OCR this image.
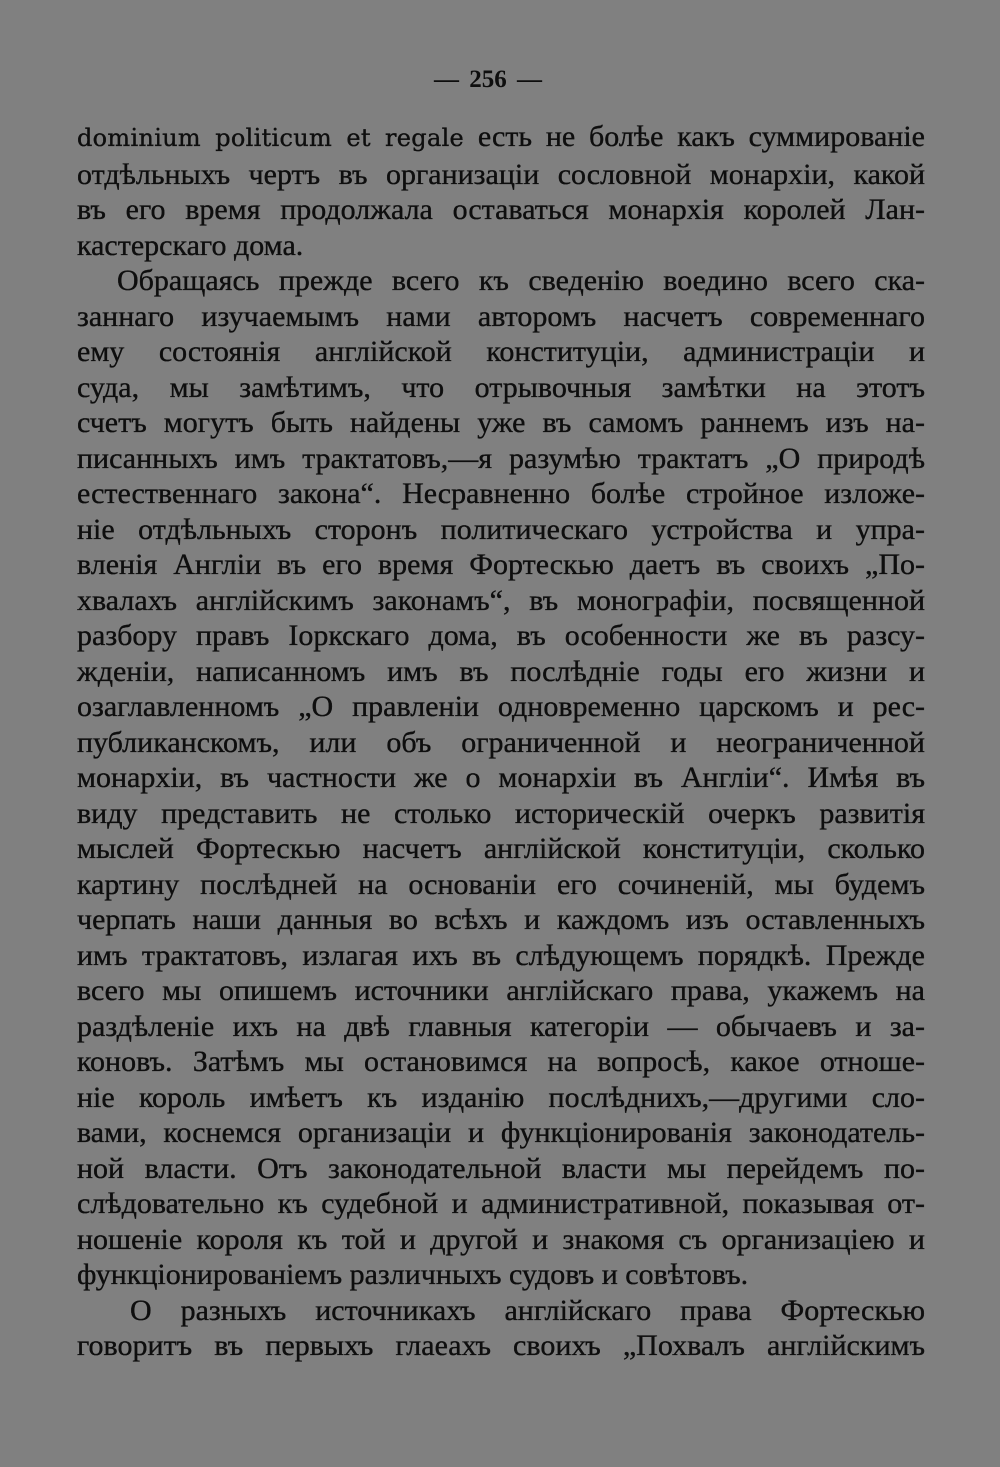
— 256 —
dominium politicum et regale есть не болѣе какъ суммированіе
отдѣльныхъ чертъ въ организаціи сословной монархіи, какой
въ его время продолжала оставаться монархія королей Лан-
кастерскаго дома.
Обращаясь прежде всего къ сведенію воедино всего ска-
заннаго изучаемымъ нами авторомъ насчетъ современнаго
ему состоянія англійской конституціи, администраціи и
суда, мы замѣтимъ, что отрывочныя замѣтки на этотъ
счетъ могутъ быть найдены уже въ самомъ раннемъ изъ на-
писанныхъ имъ трактатовъ,—я разумѣю трактатъ „О природѣ
естественнаго закона“. Несравненно болѣе стройное изложе-
ніе отдѣльныхъ сторонъ политическаго устройства и упра-
вленія Англіи въ его время Фортескью даетъ въ своихъ „По-
хвалахъ англійскимъ законамъ“, въ монографіи, посвященной
разбору правъ Іоркскаго дома, въ особенности же въ разсу-
жденіи, написанномъ имъ въ послѣдніе годы его жизни и
озаглавленномъ „О правленіи одновременно царскомъ и рес-
публиканскомъ, или объ ограниченной и неограниченной
монархіи, въ частности же о монархіи въ Англіи“. Имѣя въ
виду представить не столько историческій очеркъ развитія
мыслей Фортескью насчетъ англійской конституціи, сколько
картину послѣдней на основаніи его сочиненій, мы будемъ
черпать наши данныя во всѣхъ и каждомъ изъ оставленныхъ
имъ трактатовъ, излагая ихъ въ слѣдующемъ порядкѣ. Прежде
всего мы опишемъ источники англійскаго права, укажемъ на
раздѣленіе ихъ на двѣ главныя категоріи — обычаевъ и за-
коновъ. Затѣмъ мы остановимся на вопросѣ, какое отноше-
ніе король имѣетъ къ изданію послѣднихъ,—другими сло-
вами, коснемся организаціи и функціонированія законодатель-
ной власти. Отъ законодательной власти мы перейдемъ по-
слѣдовательно къ судебной и административной, показывая от-
ношеніе короля къ той и другой и знакомя съ организаціею и
функціонированіемъ различныхъ судовъ и совѣтовъ.
О разныхъ источникахъ англійскаго права Фортескью
говоритъ въ первыхъ глаеахъ своихъ „Похвалъ англійскимъ
